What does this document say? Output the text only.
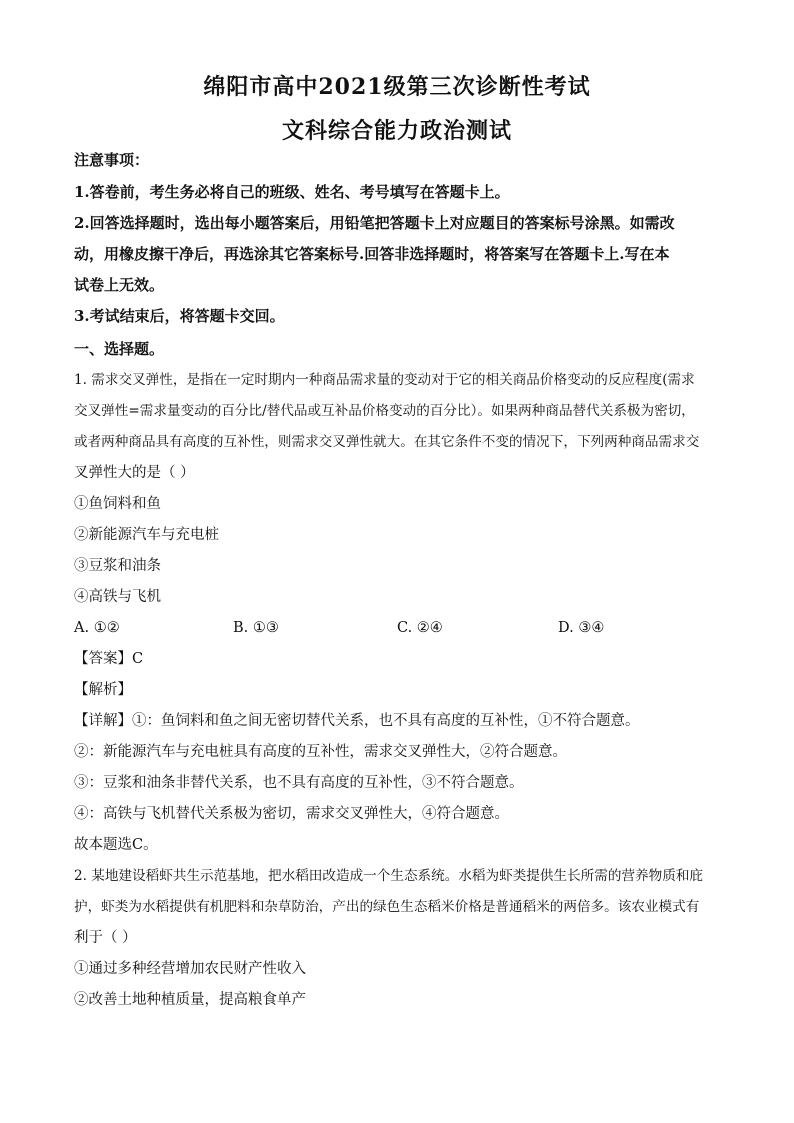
绵阳市高中2021级第三次诊断性考试
文科综合能力政治测试
注意事项：
1.答卷前，考生务必将自己的班级、姓名、考号填写在答题卡上。
2.回答选择题时，选出每小题答案后，用铅笔把答题卡上对应题目的答案标号涂黑。如需改
动，用橡皮擦干净后，再选涂其它答案标号.回答非选择题时，将答案写在答题卡上.写在本
试卷上无效。
3.考试结束后，将答题卡交回。
一、选择题。
1. 需求交叉弹性，是指在一定时期内一种商品需求量的变动对于它的相关商品价格变动的反应程度(需求
交叉弹性=需求量变动的百分比/替代品或互补品价格变动的百分比）。如果两种商品替代关系极为密切，
或者两种商品具有高度的互补性，则需求交叉弹性就大。在其它条件不变的情况下，下列两种商品需求交
叉弹性大的是（ ）
①鱼饲料和鱼
②新能源汽车与充电桩
③豆浆和油条
④高铁与飞机
A. ①②	B. ①③	C. ②④	D. ③④
【答案】C
【解析】
【详解】①：鱼饲料和鱼之间无密切替代关系，也不具有高度的互补性，①不符合题意。
②：新能源汽车与充电桩具有高度的互补性，需求交叉弹性大，②符合题意。
③：豆浆和油条非替代关系，也不具有高度的互补性，③不符合题意。
④：高铁与飞机替代关系极为密切，需求交叉弹性大，④符合题意。
故本题选C。
2. 某地建设稻虾共生示范基地，把水稻田改造成一个生态系统。水稻为虾类提供生长所需的营养物质和庇
护，虾类为水稻提供有机肥料和杂草防治，产出的绿色生态稻米价格是普通稻米的两倍多。该农业模式有
利于（ ）
①通过多种经营增加农民财产性收入
②改善土地种植质量，提高粮食单产
